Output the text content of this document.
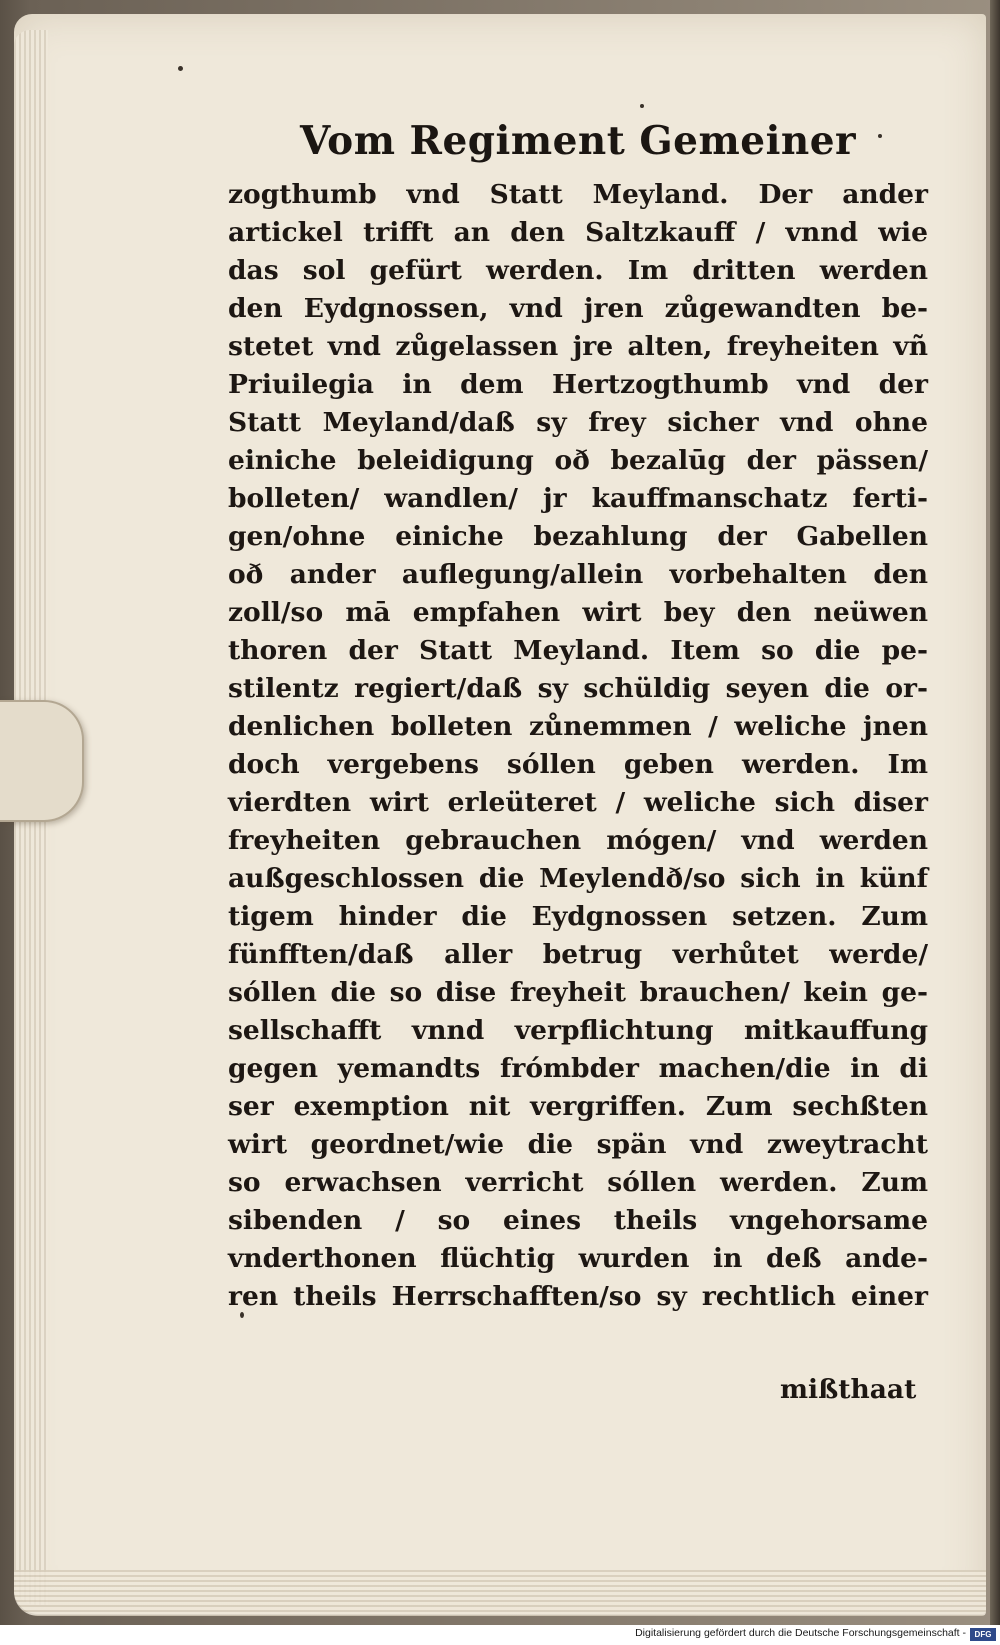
Vom Regiment Gemeiner
zogthumb vnd Statt Meyland. Der ander
artickel trifft an den Saltzkauff / vnnd wie
das sol gefürt werden. Im dritten werden
den Eydgnossen, vnd jren zůgewandten be-
stetet vnd zůgelassen jre alten, freyheiten vñ
Priuilegia in dem Hertzogthumb vnd der
Statt Meyland/daß sy frey sicher vnd ohne
einiche beleidigung oð bezalūg der pässen/
bolleten/ wandlen/ jr kauffmanschatz ferti-
gen/ohne einiche bezahlung der Gabellen
oð ander auflegung/allein vorbehalten den
zoll/so mā empfahen wirt bey den neüwen
thoren der Statt Meyland. Item so die pe-
stilentz regiert/daß sy schüldig seyen die or-
denlichen bolleten zůnemmen / weliche jnen
doch vergebens sóllen geben werden. Im
vierdten wirt erleüteret / weliche sich diser
freyheiten gebrauchen mógen/ vnd werden
außgeschlossen die Meylendð/so sich in künf
tigem hinder die Eydgnossen setzen. Zum
fünfften/daß aller betrug verhůtet werde/
sóllen die so dise freyheit brauchen/ kein ge-
sellschafft vnnd verpflichtung mitkauffung
gegen yemandts frómbder machen/die in di
ser exemption nit vergriffen. Zum sechßten
wirt geordnet/wie die spän vnd zweytracht
so erwachsen verricht sóllen werden. Zum
sibenden / so eines theils vngehorsame
vnderthonen flüchtig wurden in deß ande-
ren theils Herrschafften/so sy rechtlich einer
mißthaat
Digitalisierung gefördert durch die Deutsche Forschungsgemeinschaft -	DFG
